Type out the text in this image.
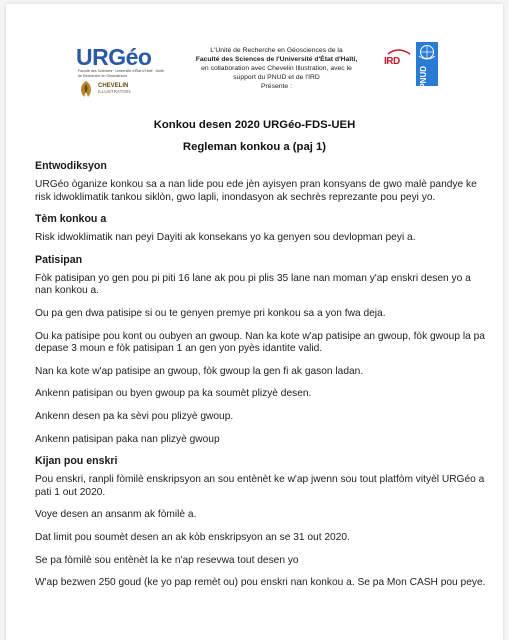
URGéo
Faculté des Sciences · Université d'État d'Haïti · Unité de Recherche en Géosciences
CHEVELIN
ILLUSTRATION
L'Unité de Recherche en Géosciences de la
Faculté des Sciences de l'Université d'État d'Haïti,
en collaboration avec Chevelin Illustration, avec le
support du PNUD et de l'IRD
Présente :
IRD
PNUD
Konkou desen 2020 URGéo-FDS-UEH
Regleman konkou a (paj 1)

Entwodiksyon

URGéo òganize konkou sa a nan lide pou ede jèn ayisyen pran konsyans de gwo malè pandye ke risk idwoklimatik tankou siklòn, gwo lapli, inondasyon ak sechrès reprezante pou peyi yo.

Tèm konkou a

Risk idwoklimatik nan peyi Dayiti ak konsekans yo ka genyen sou devlopman peyi a.

Patisipan

Fòk patisipan yo gen pou pi piti 16 lane ak pou pi plis 35 lane nan moman y'ap enskri desen yo a nan konkou a.

Ou pa gen dwa patisipe si ou te genyen premye pri konkou sa a yon fwa deja.

Ou ka patisipe pou kont ou oubyen an gwoup. Nan ka kote w'ap patisipe an gwoup, fòk gwoup la pa depase 3 moun e fòk patisipan 1 an gen yon pyès idantite valid.

Nan ka kote w'ap patisipe an gwoup, fòk gwoup la gen fi ak gason ladan.

Ankenn patisipan ou byen gwoup pa ka soumèt plizyè desen.

Ankenn desen pa ka sèvi pou plizyè gwoup.

Ankenn patisipan paka nan plizyè gwoup

Kijan pou enskri

Pou enskri, ranpli fòmilè enskripsyon an sou entènèt ke w'ap jwenn sou tout platfòm vityèl URGéo a pati 1 out 2020.

Voye desen an ansanm ak fòmilè a.

Dat limit pou soumèt desen an ak kòb enskripsyon an se 31 out 2020.

Se pa fòmilè sou entènèt la ke n'ap resevwa tout desen yo

W'ap bezwen 250 goud (ke yo pap remèt ou) pou enskri nan konkou a. Se pa Mon CASH pou peye.
